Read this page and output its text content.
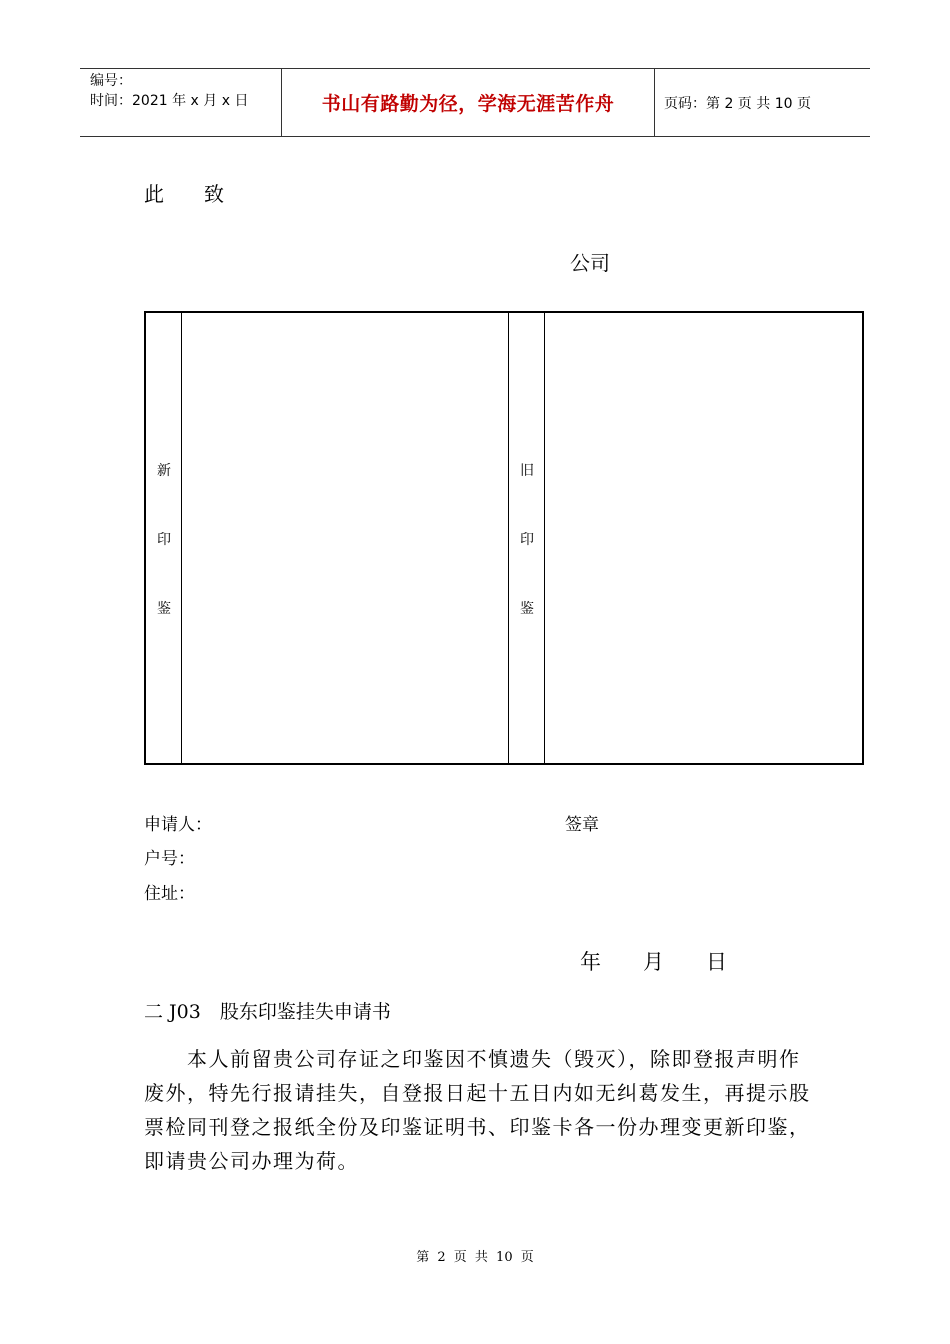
编号：
时间：2021 年 x 月 x 日	书山有路勤为径，学海无涯苦作舟	页码：第 2 页 共 10 页
此　　致
公司
新
印
鉴
旧
印
鉴
申请人：	签章
户号：
住址：
年　　月　　日
二 J03　股东印鉴挂失申请书
　　本人前留贵公司存证之印鉴因不慎遗失（毁灭），除即登报声明作废外，特先行报请挂失，自登报日起十五日内如无纠葛发生，再提示股票检同刊登之报纸全份及印鉴证明书、印鉴卡各一份办理变更新印鉴，即请贵公司办理为荷。
第 2 页 共 10 页
